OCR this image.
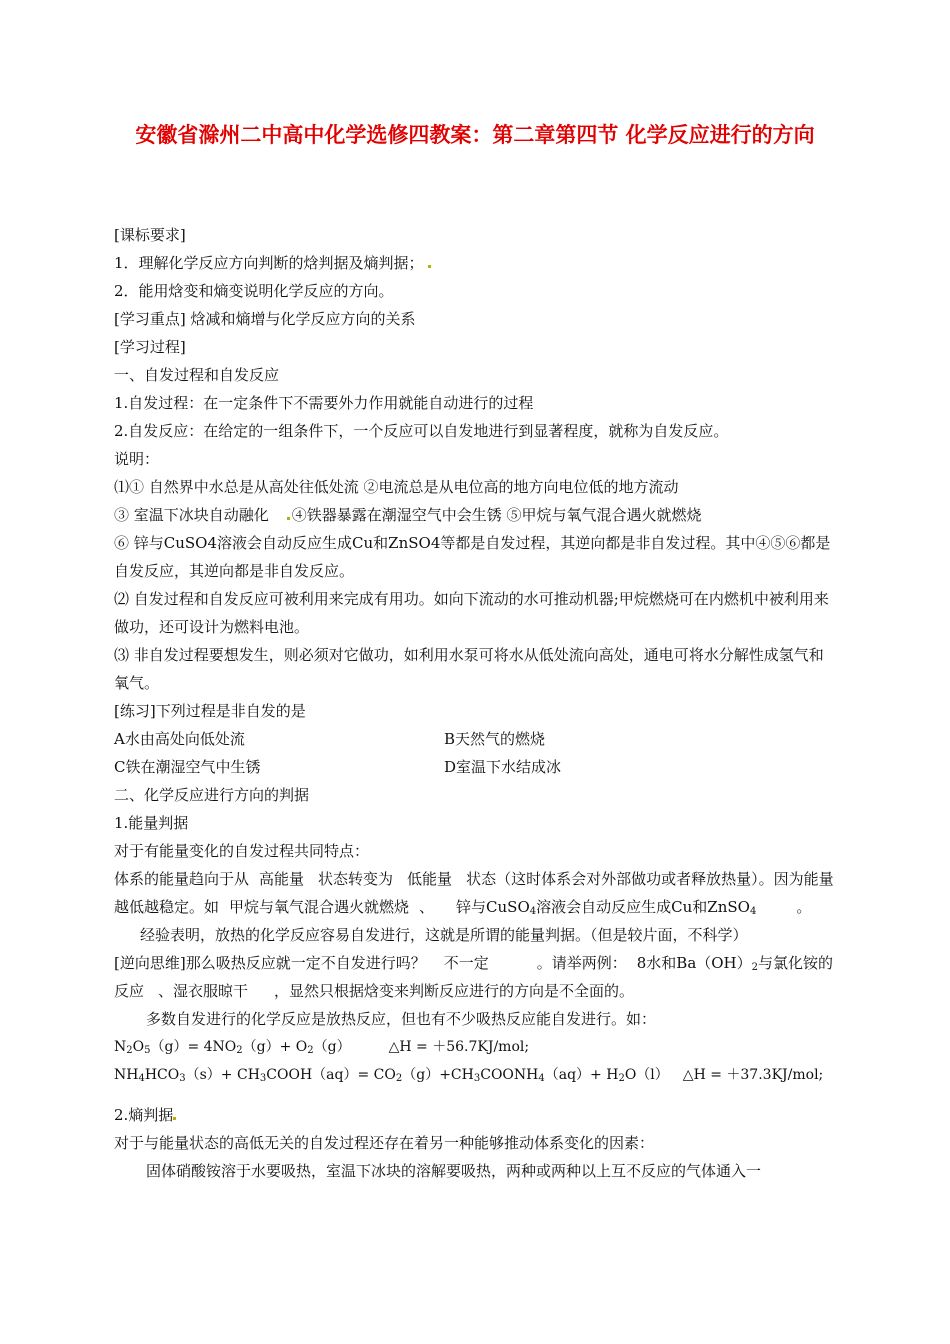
安徽省滁州二中高中化学选修四教案：第二章第四节 化学反应进行的方向
[课标要求]
1．理解化学反应方向判断的焓判据及熵判据；
2．能用焓变和熵变说明化学反应的方向。
[学习重点] 焓减和熵增与化学反应方向的关系
[学习过程]
一、自发过程和自发反应
1.自发过程：在一定条件下不需要外力作用就能自动进行的过程
2.自发反应：在给定的一组条件下，一个反应可以自发地进行到显著程度，就称为自发反应。
说明：
⑴① 自然界中水总是从高处往低处流 ②电流总是从电位高的地方向电位低的地方流动
③ 室温下冰块自动融化 ④铁器暴露在潮湿空气中会生锈 ⑤甲烷与氧气混合遇火就燃烧
⑥ 锌与CuSO4溶液会自动反应生成Cu和ZnSO4等都是自发过程，其逆向都是非自发过程。其中④⑤⑥都是自发反应，其逆向都是非自发反应。
⑵ 自发过程和自发反应可被利用来完成有用功。如向下流动的水可推动机器;甲烷燃烧可在内燃机中被利用来做功，还可设计为燃料电池。
⑶ 非自发过程要想发生，则必须对它做功，如利用水泵可将水从低处流向高处，通电可将水分解性成氢气和氧气。
[练习]下列过程是非自发的是
A水由高处向低处流	B天然气的燃烧
C铁在潮湿空气中生锈	D室温下水结成冰
二、化学反应进行方向的判据
1.能量判据
对于有能量变化的自发过程共同特点：
体系的能量趋向于从 高能量 状态转变为 低能量 状态（这时体系会对外部做功或者释放热量）。因为能量越低越稳定。如 甲烷与氧气混合遇火就燃烧 、 锌与CuSO$_4$溶液会自动反应生成Cu和ZnSO$_4$	。
经验表明，放热的化学反应容易自发进行，这就是所谓的能量判据。（但是较片面，不科学）
[逆向思维]那么吸热反应就一定不自发进行吗？ 不一定	。请举两例： 8水和$Ba(OH)_2$与氯化铵的反应 、湿衣服晾干 ，显然只根据焓变来判断反应进行的方向是不全面的。
多数自发进行的化学反应是放热反应，但也有不少吸热反应能自发进行。如：
$N_2O_5(g)= 4NO_2(g)+ O_2(g)$	△H = ＋56.7KJ/mol;
$NH_4HCO_3(s)+$ $CH_3COOH(aq)=$ $CO_2(g)+CH_3COONH_4(aq)+ H_2O(l)$ △H = ＋37.3KJ/mol;
2.熵判据
对于与能量状态的高低无关的自发过程还存在着另一种能够推动体系变化的因素：
固体硝酸铵溶于水要吸热，室温下冰块的溶解要吸热，两种或两种以上互不反应的气体通入一
